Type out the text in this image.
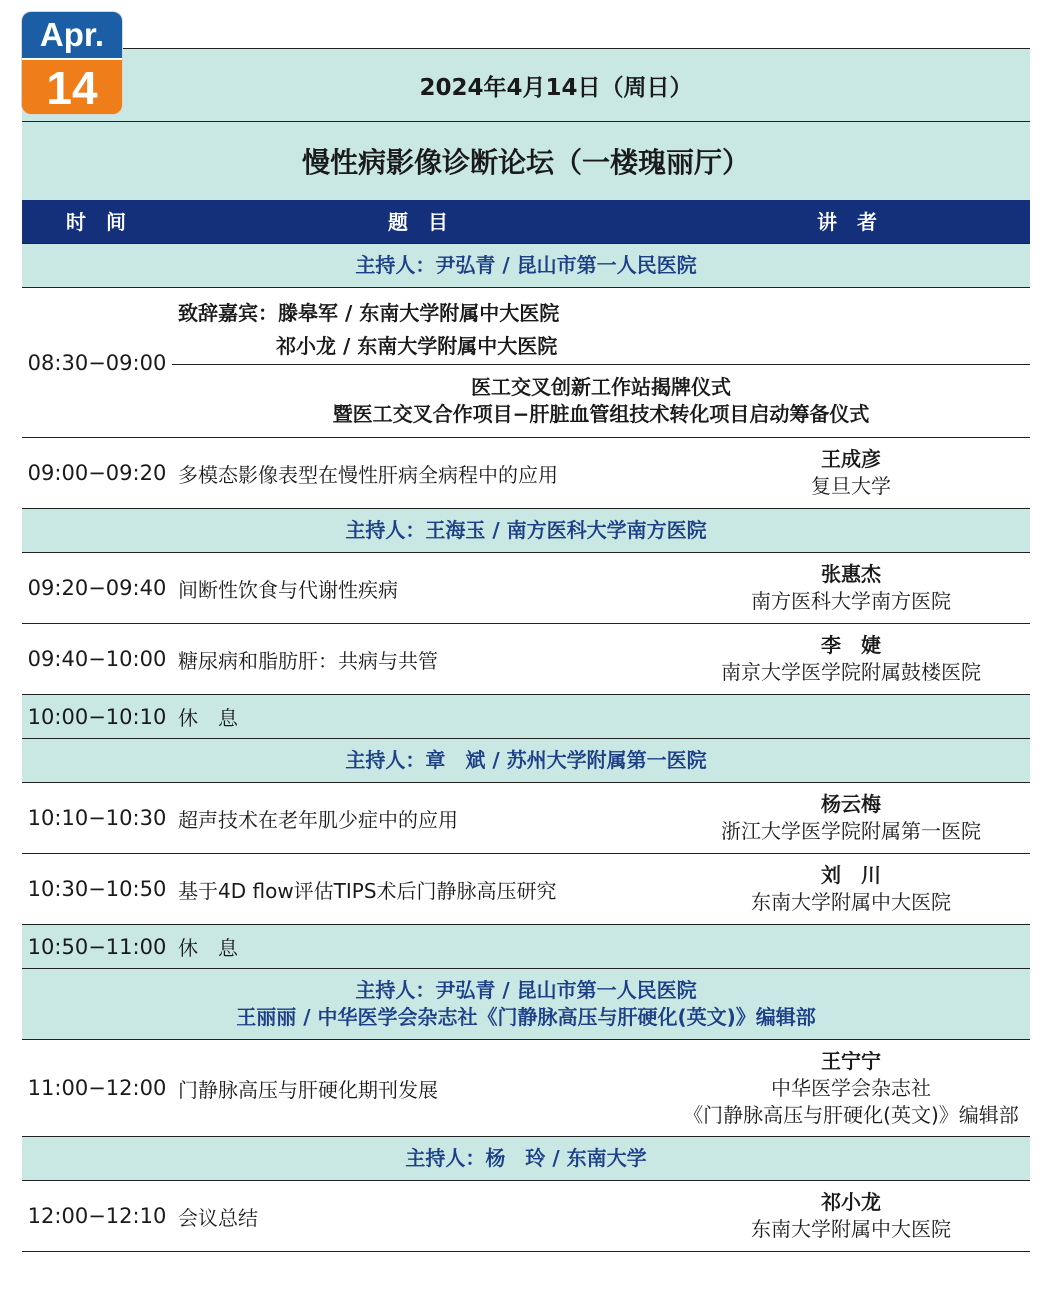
Apr.
14	2024年4月14日（周日）
慢性病影像诊断论坛（一楼瑰丽厅）
时　间	题　目	讲　者
主持人：尹弘青 / 昆山市第一人民医院
08:30−09:00
致辞嘉宾：滕皋军 / 东南大学附属中大医院
祁小龙 / 东南大学附属中大医院
医工交叉创新工作站揭牌仪式
暨医工交叉合作项目−肝脏血管组技术转化项目启动筹备仪式
09:00−09:20 多模态影像表型在慢性肝病全病程中的应用
王成彦
复旦大学
主持人：王海玉 / 南方医科大学南方医院
09:20−09:40 间断性饮食与代谢性疾病
张惠杰
南方医科大学南方医院
09:40−10:00 糖尿病和脂肪肝：共病与共管
李　婕
南京大学医学院附属鼓楼医院
10:00−10:10 休　息
主持人：章　斌 / 苏州大学附属第一医院
10:10−10:30 超声技术在老年肌少症中的应用
杨云梅
浙江大学医学院附属第一医院
10:30−10:50 基于4D flow评估TIPS术后门静脉高压研究
刘　川
东南大学附属中大医院
10:50−11:00 休　息
主持人：尹弘青 / 昆山市第一人民医院
王丽丽 / 中华医学会杂志社《门静脉高压与肝硬化(英文)》编辑部
11:00−12:00 门静脉高压与肝硬化期刊发展
王宁宁
中华医学会杂志社
《门静脉高压与肝硬化(英文)》编辑部
主持人：杨　玲 / 东南大学
12:00−12:10 会议总结
祁小龙
东南大学附属中大医院
